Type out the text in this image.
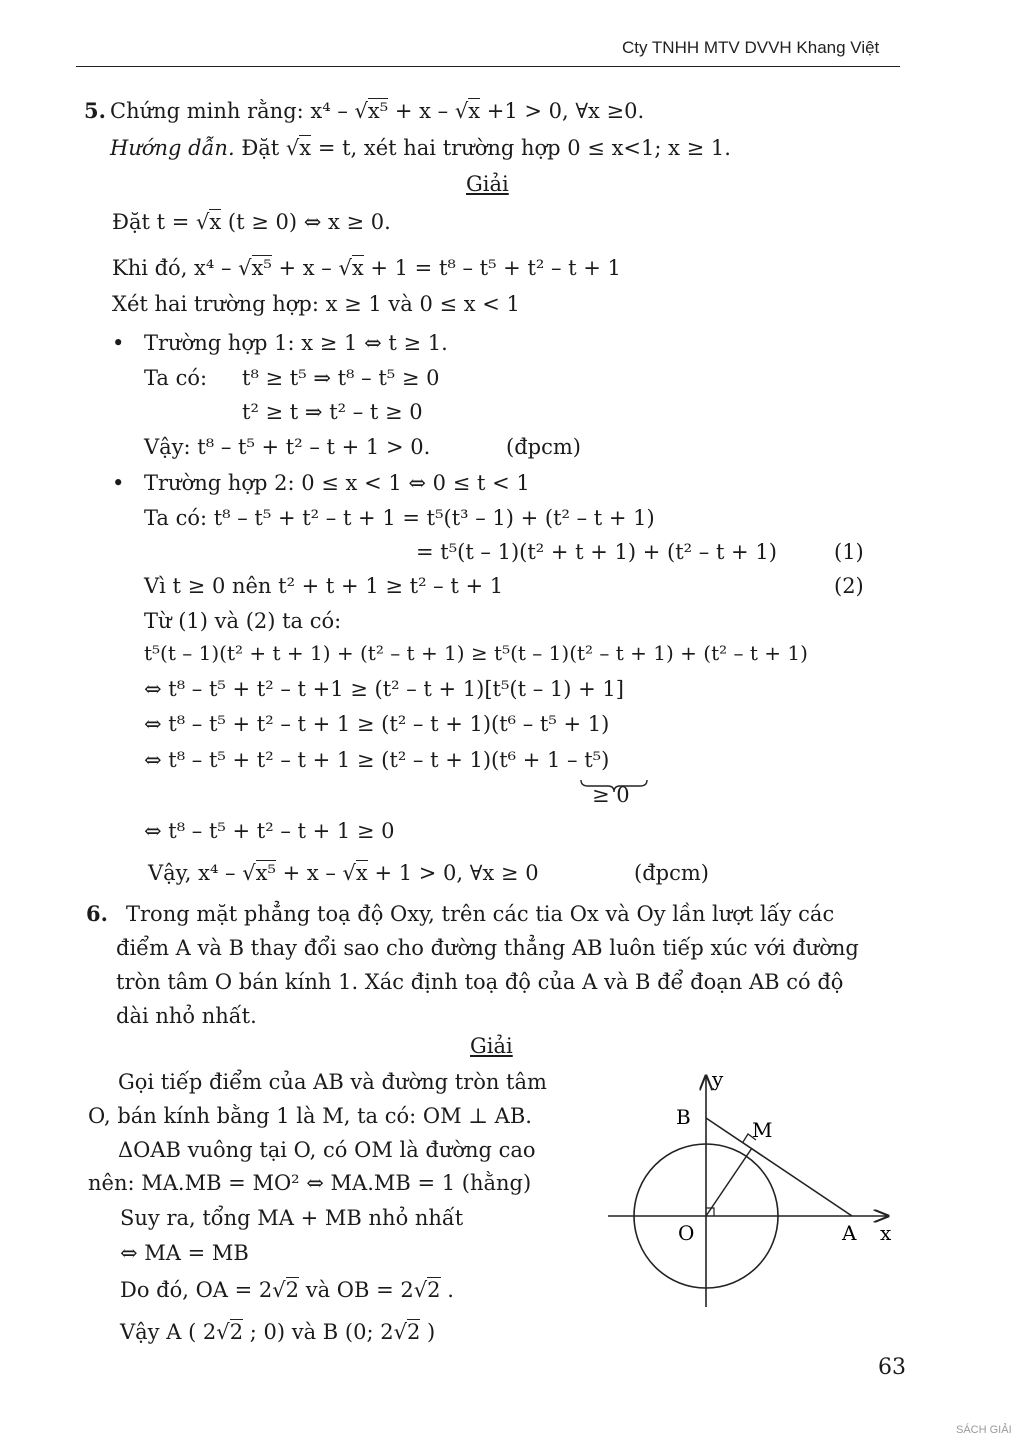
Cty TNHH MTV DVVH Khang Việt
5. Chứng minh rằng: x⁴ – √x⁵ + x – √x +1 > 0, ∀x ≥0.
Hướng dẫn. Đặt √x = t, xét hai trường hợp 0 ≤ x<1; x ≥ 1.
Giải
Đặt t = √x (t ≥ 0) ⇔ x ≥ 0.
Khi đó, x⁴ – √x⁵ + x – √x + 1 = t⁸ – t⁵ + t² – t + 1
Xét hai trường hợp: x ≥ 1 và 0 ≤ x < 1
• Trường hợp 1: x ≥ 1 ⇔ t ≥ 1.
Ta có: t⁸ ≥ t⁵ ⇒ t⁸ – t⁵ ≥ 0
t² ≥ t ⇒ t² – t ≥ 0
Vậy: t⁸ – t⁵ + t² – t + 1 > 0.	(đpcm)
• Trường hợp 2: 0 ≤ x < 1 ⇔ 0 ≤ t < 1
Ta có: t⁸ – t⁵ + t² – t + 1 = t⁵(t³ – 1) + (t² – t + 1)
= t⁵(t – 1)(t² + t + 1) + (t² – t + 1)	(1)
Vì t ≥ 0 nên t² + t + 1 ≥ t² – t + 1	(2)
Từ (1) và (2) ta có:
t⁵(t – 1)(t² + t + 1) + (t² – t + 1) ≥ t⁵(t – 1)(t² – t + 1) + (t² – t + 1)
⇔ t⁸ – t⁵ + t² – t +1 ≥ (t² – t + 1)[t⁵(t – 1) + 1]
⇔ t⁸ – t⁵ + t² – t + 1 ≥ (t² – t + 1)(t⁶ – t⁵ + 1)
⇔ t⁸ – t⁵ + t² – t + 1 ≥ (t² – t + 1)(t⁶ + 1 – t⁵)
≥ 0
⇔ t⁸ – t⁵ + t² – t + 1 ≥ 0
Vậy, x⁴ – √x⁵ + x – √x + 1 > 0, ∀x ≥ 0	(đpcm)
6. Trong mặt phẳng toạ độ Oxy, trên các tia Ox và Oy lần lượt lấy các
điểm A và B thay đổi sao cho đường thẳng AB luôn tiếp xúc với đường
tròn tâm O bán kính 1. Xác định toạ độ của A và B để đoạn AB có độ
dài nhỏ nhất.
Giải
Gọi tiếp điểm của AB và đường tròn tâm
O, bán kính bằng 1 là M, ta có: OM ⊥ AB.
ΔOAB vuông tại O, có OM là đường cao
nên: MA.MB = MO² ⇔ MA.MB = 1 (hằng)
Suy ra, tổng MA + MB nhỏ nhất
⇔ MA = MB
Do đó, OA = 2√2 và OB = 2√2 .
Vậy A ( 2√2 ; 0) và B (0; 2√2 )
y
x
B
M
O	A
63
SÁCH GIẢI
